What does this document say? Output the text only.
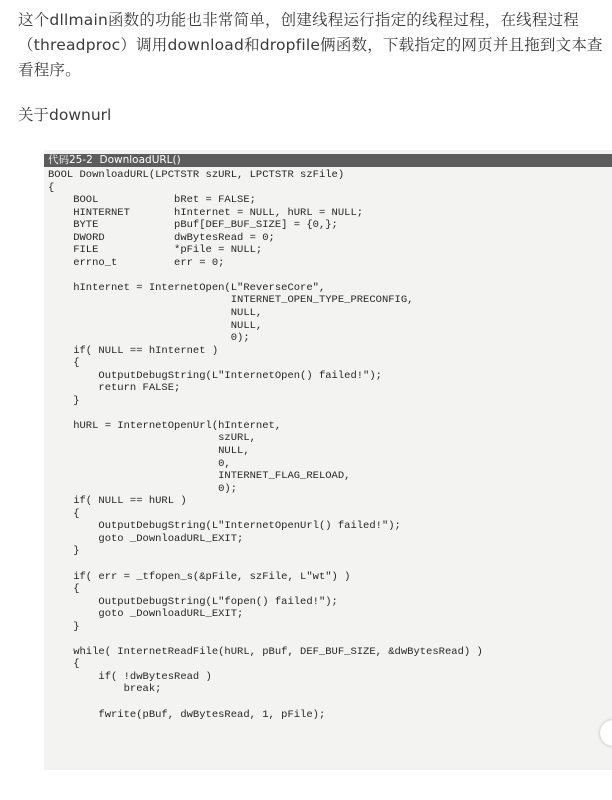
这个dllmain函数的功能也非常简单，创建线程运行指定的线程过程，在线程过程（threadproc）调用download和dropfile俩函数，下载指定的网页并且拖到文本查看程序。

关于downurl

代码25-2  DownloadURL()
BOOL DownloadURL(LPCTSTR szURL, LPCTSTR szFile)
{
BOOL            bRet = FALSE;
HINTERNET       hInternet = NULL, hURL = NULL;
BYTE            pBuf[DEF_BUF_SIZE] = {0,};
DWORD           dwBytesRead = 0;
FILE            *pFile = NULL;
errno_t         err = 0;

hInternet = InternetOpen(L"ReverseCore",
INTERNET_OPEN_TYPE_PRECONFIG,
NULL,
NULL,
0);
if( NULL == hInternet )
{
OutputDebugString(L"InternetOpen() failed!");
return FALSE;
}

hURL = InternetOpenUrl(hInternet,
szURL,
NULL,
0,
INTERNET_FLAG_RELOAD,
0);
if( NULL == hURL )
{
OutputDebugString(L"InternetOpenUrl() failed!");
goto _DownloadURL_EXIT;
}

if( err = _tfopen_s(&pFile, szFile, L"wt") )
{
OutputDebugString(L"fopen() failed!");
goto _DownloadURL_EXIT;
}

while( InternetReadFile(hURL, pBuf, DEF_BUF_SIZE, &dwBytesRead) )
{
if( !dwBytesRead )
break;

fwrite(pBuf, dwBytesRead, 1, pFile);
